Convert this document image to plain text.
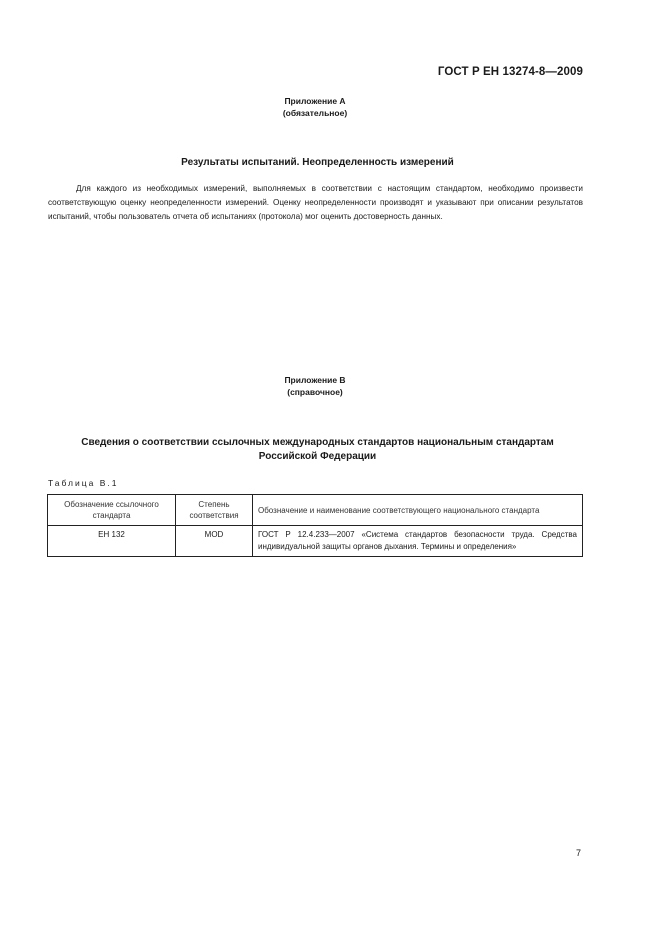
ГОСТ Р ЕН 13274-8—2009
Приложение А
(обязательное)
Результаты испытаний. Неопределенность измерений
Для каждого из необходимых измерений, выполняемых в соответствии с настоящим стандартом, необходимо произвести соответствующую оценку неопределенности измерений. Оценку неопределенности производят и указывают при описании результатов испытаний, чтобы пользователь отчета об испытаниях (протокола) мог оценить достоверность данных.
Приложение В
(справочное)
Сведения о соответствии ссылочных международных стандартов национальным стандартам
Российской Федерации
Таблица В.1
Обозначение ссылочного стандарта	Степень соответствия	Обозначение и наименование соответствующего национального стандарта
ЕН 132	MOD	ГОСТ Р 12.4.233—2007 «Система стандартов безопасности труда. Средства индивидуальной защиты органов дыхания. Термины и определения»
7
